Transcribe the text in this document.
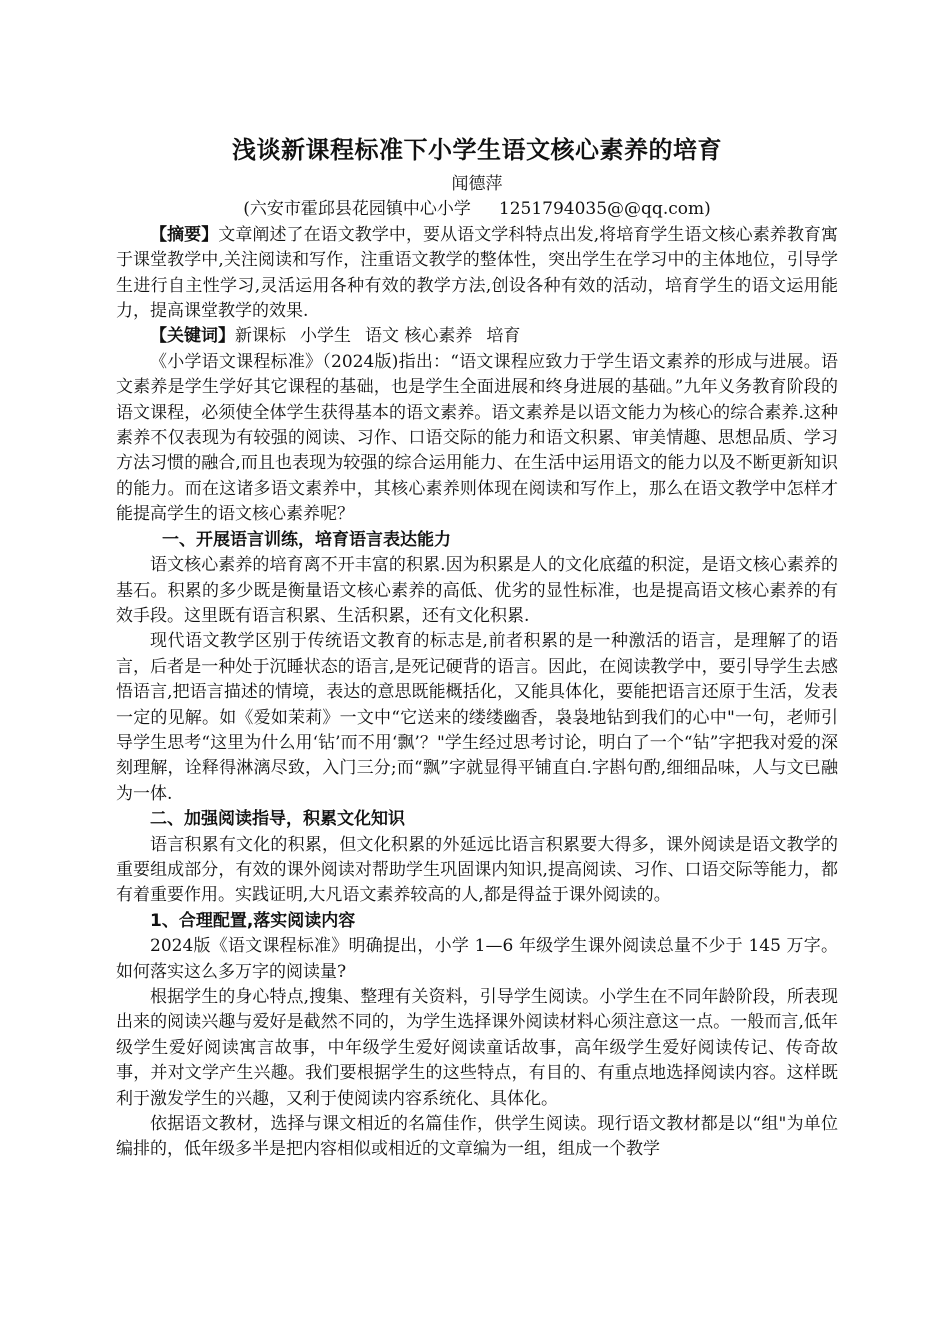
浅谈新课程标准下小学生语文核心素养的培育

闻德萍

(六安市霍邱县花园镇中心小学 1251794035@@qq.com)

【摘要】文章阐述了在语文教学中，要从语文学科特点出发,将培育学生语文核心素养教育寓于课堂教学中,关注阅读和写作，注重语文教学的整体性，突出学生在学习中的主体地位，引导学生进行自主性学习,灵活运用各种有效的教学方法,创设各种有效的活动，培育学生的语文运用能力，提高课堂教学的效果.

【关键词】新课标 小学生 语文 核心素养 培育

《小学语文课程标准》（2024版)指出：“语文课程应致力于学生语文素养的形成与进展。语文素养是学生学好其它课程的基础，也是学生全面进展和终身进展的基础。”九年义务教育阶段的语文课程，必须使全体学生获得基本的语文素养。语文素养是以语文能力为核心的综合素养.这种素养不仅表现为有较强的阅读、习作、口语交际的能力和语文积累、审美情趣、思想品质、学习方法习惯的融合,而且也表现为较强的综合运用能力、在生活中运用语文的能力以及不断更新知识的能力。而在这诸多语文素养中，其核心素养则体现在阅读和写作上，那么在语文教学中怎样才能提高学生的语文核心素养呢？

一、开展语言训练，培育语言表达能力

语文核心素养的培育离不开丰富的积累.因为积累是人的文化底蕴的积淀，是语文核心素养的基石。积累的多少既是衡量语文核心素养的高低、优劣的显性标准，也是提高语文核心素养的有效手段。这里既有语言积累、生活积累，还有文化积累.

现代语文教学区别于传统语文教育的标志是,前者积累的是一种激活的语言，是理解了的语言，后者是一种处于沉睡状态的语言,是死记硬背的语言。因此，在阅读教学中，要引导学生去感悟语言,把语言描述的情境，表达的意思既能概括化，又能具体化，要能把语言还原于生活，发表一定的见解。如《爱如茉莉》一文中“它送来的缕缕幽香，袅袅地钻到我们的心中"一句，老师引导学生思考“这里为什么用‘钻’而不用‘飘’？"学生经过思考讨论，明白了一个“钻”字把我对爱的深刻理解，诠释得淋漓尽致，入门三分;而“飘”字就显得平铺直白.字斟句酌,细细品味，人与文已融为一体.

二、加强阅读指导，积累文化知识

语言积累有文化的积累，但文化积累的外延远比语言积累要大得多，课外阅读是语文教学的重要组成部分，有效的课外阅读对帮助学生巩固课内知识,提高阅读、习作、口语交际等能力，都有着重要作用。实践证明,大凡语文素养较高的人,都是得益于课外阅读的。

1、合理配置,落实阅读内容

2024版《语文课程标准》明确提出，小学 1—6 年级学生课外阅读总量不少于 145 万字。如何落实这么多万字的阅读量?

根据学生的身心特点,搜集、整理有关资料，引导学生阅读。小学生在不同年龄阶段，所表现出来的阅读兴趣与爱好是截然不同的，为学生选择课外阅读材料心须注意这一点。一般而言,低年级学生爱好阅读寓言故事，中年级学生爱好阅读童话故事，高年级学生爱好阅读传记、传奇故事，并对文学产生兴趣。我们要根据学生的这些特点，有目的、有重点地选择阅读内容。这样既利于激发学生的兴趣，又利于使阅读内容系统化、具体化。

依据语文教材，选择与课文相近的名篇佳作，供学生阅读。现行语文教材都是以“组"为单位编排的，低年级多半是把内容相似或相近的文章编为一组，组成一个教学
